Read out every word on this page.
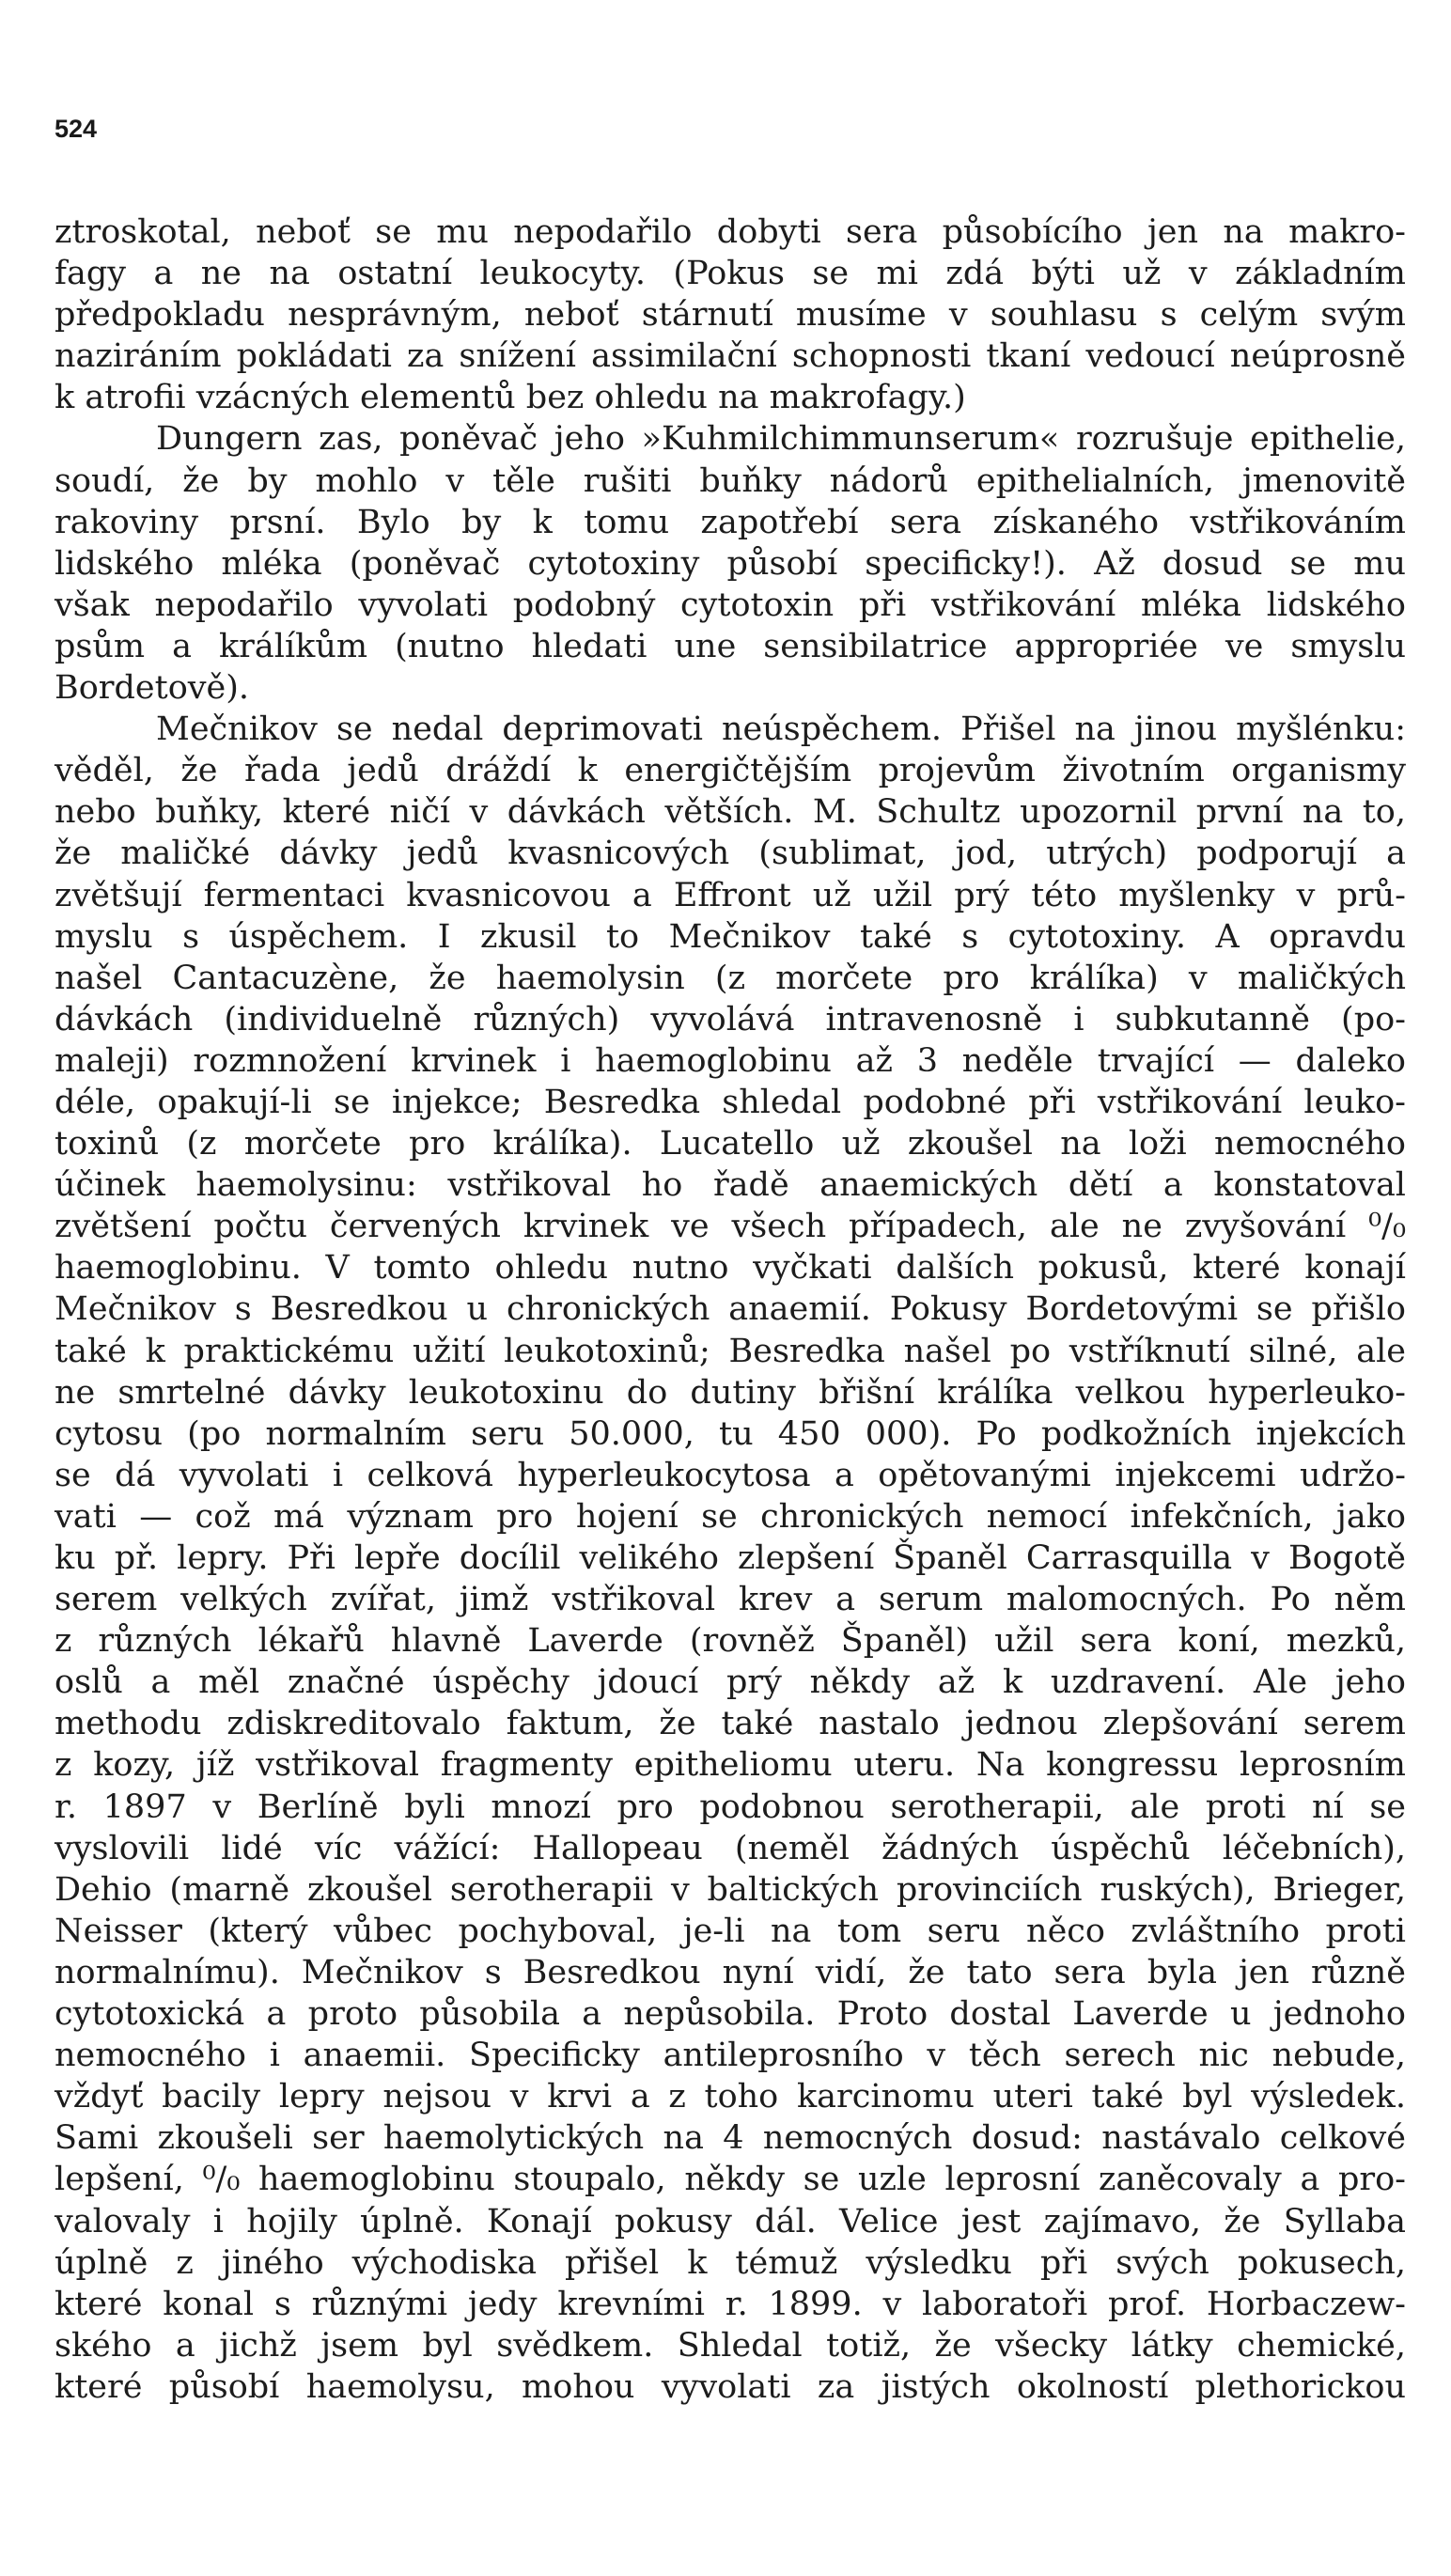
524
ztroskotal, neboť se mu nepodařilo dobyti sera působícího jen na makro-
fagy a ne na ostatní leukocyty. (Pokus se mi zdá býti už v základním
předpokladu nesprávným, neboť stárnutí musíme v souhlasu s celým svým
naziráním pokládati za snížení assimilační schopnosti tkaní vedoucí neúprosně
k atrofii vzácných elementů bez ohledu na makrofagy.)
Dungern zas, poněvač jeho »Kuhmilchimmunserum« rozrušuje epithelie,
soudí, že by mohlo v těle rušiti buňky nádorů epithelialních, jmenovitě
rakoviny prsní. Bylo by k tomu zapotřebí sera získaného vstřikováním
lidského mléka (poněvač cytotoxiny působí specificky!). Až dosud se mu
však nepodařilo vyvolati podobný cytotoxin při vstřikování mléka lidského
psům a králíkům (nutno hledati une sensibilatrice appropriée ve smyslu
Bordetově).
Mečnikov se nedal deprimovati neúspěchem. Přišel na jinou myšlénku:
věděl, že řada jedů dráždí k energičtějším projevům životním organismy
nebo buňky, které ničí v dávkách větších. M. Schultz upozornil první na to,
že maličké dávky jedů kvasnicových (sublimat, jod, utrých) podporují a
zvětšují fermentaci kvasnicovou a Effront už užil prý této myšlenky v prů-
myslu s úspěchem. I zkusil to Mečnikov také s cytotoxiny. A opravdu
našel Cantacuzène, že haemolysin (z morčete pro králíka) v maličkých
dávkách (individuelně různých) vyvolává intravenosně i subkutanně (po-
maleji) rozmnožení krvinek i haemoglobinu až 3 neděle trvající — daleko
déle, opakují-li se injekce; Besredka shledal podobné při vstřikování leuko-
toxinů (z morčete pro králíka). Lucatello už zkoušel na loži nemocného
účinek haemolysinu: vstřikoval ho řadě anaemických dětí a konstatoval
zvětšení počtu červených krvinek ve všech případech, ale ne zvyšování ⁰/₀
haemoglobinu. V tomto ohledu nutno vyčkati dalších pokusů, které konají
Mečnikov s Besredkou u chronických anaemií. Pokusy Bordetovými se přišlo
také k praktickému užití leukotoxinů; Besredka našel po vstříknutí silné, ale
ne smrtelné dávky leukotoxinu do dutiny břišní králíka velkou hyperleuko-
cytosu (po normalním seru 50.000, tu 450 000). Po podkožních injekcích
se dá vyvolati i celková hyperleukocytosa a opětovanými injekcemi udržo-
vati — což má význam pro hojení se chronických nemocí infekčních, jako
ku př. lepry. Při lepře docílil velikého zlepšení Španěl Carrasquilla v Bogotě
serem velkých zvířat, jimž vstřikoval krev a serum malomocných. Po něm
z různých lékařů hlavně Laverde (rovněž Španěl) užil sera koní, mezků,
oslů a měl značné úspěchy jdoucí prý někdy až k uzdravení. Ale jeho
methodu zdiskreditovalo faktum, že také nastalo jednou zlepšování serem
z kozy, jíž vstřikoval fragmenty epitheliomu uteru. Na kongressu leprosním
r. 1897 v Berlíně byli mnozí pro podobnou serotherapii, ale proti ní se
vyslovili lidé víc vážící: Hallopeau (neměl žádných úspěchů léčebních),
Dehio (marně zkoušel serotherapii v baltických provinciích ruských), Brieger,
Neisser (který vůbec pochyboval, je-li na tom seru něco zvláštního proti
normalnímu). Mečnikov s Besredkou nyní vidí, že tato sera byla jen různě
cytotoxická a proto působila a nepůsobila. Proto dostal Laverde u jednoho
nemocného i anaemii. Specificky antileprosního v těch serech nic nebude,
vždyť bacily lepry nejsou v krvi a z toho karcinomu uteri také byl výsledek.
Sami zkoušeli ser haemolytických na 4 nemocných dosud: nastávalo celkové
lepšení, ⁰/₀ haemoglobinu stoupalo, někdy se uzle leprosní zaněcovaly a pro-
valovaly i hojily úplně. Konají pokusy dál. Velice jest zajímavo, že Syllaba
úplně z jiného východiska přišel k témuž výsledku při svých pokusech,
které konal s různými jedy krevními r. 1899. v laboratoři prof. Horbaczew-
ského a jichž jsem byl svědkem. Shledal totiž, že všecky látky chemické,
které působí haemolysu, mohou vyvolati za jistých okolností plethorickou
